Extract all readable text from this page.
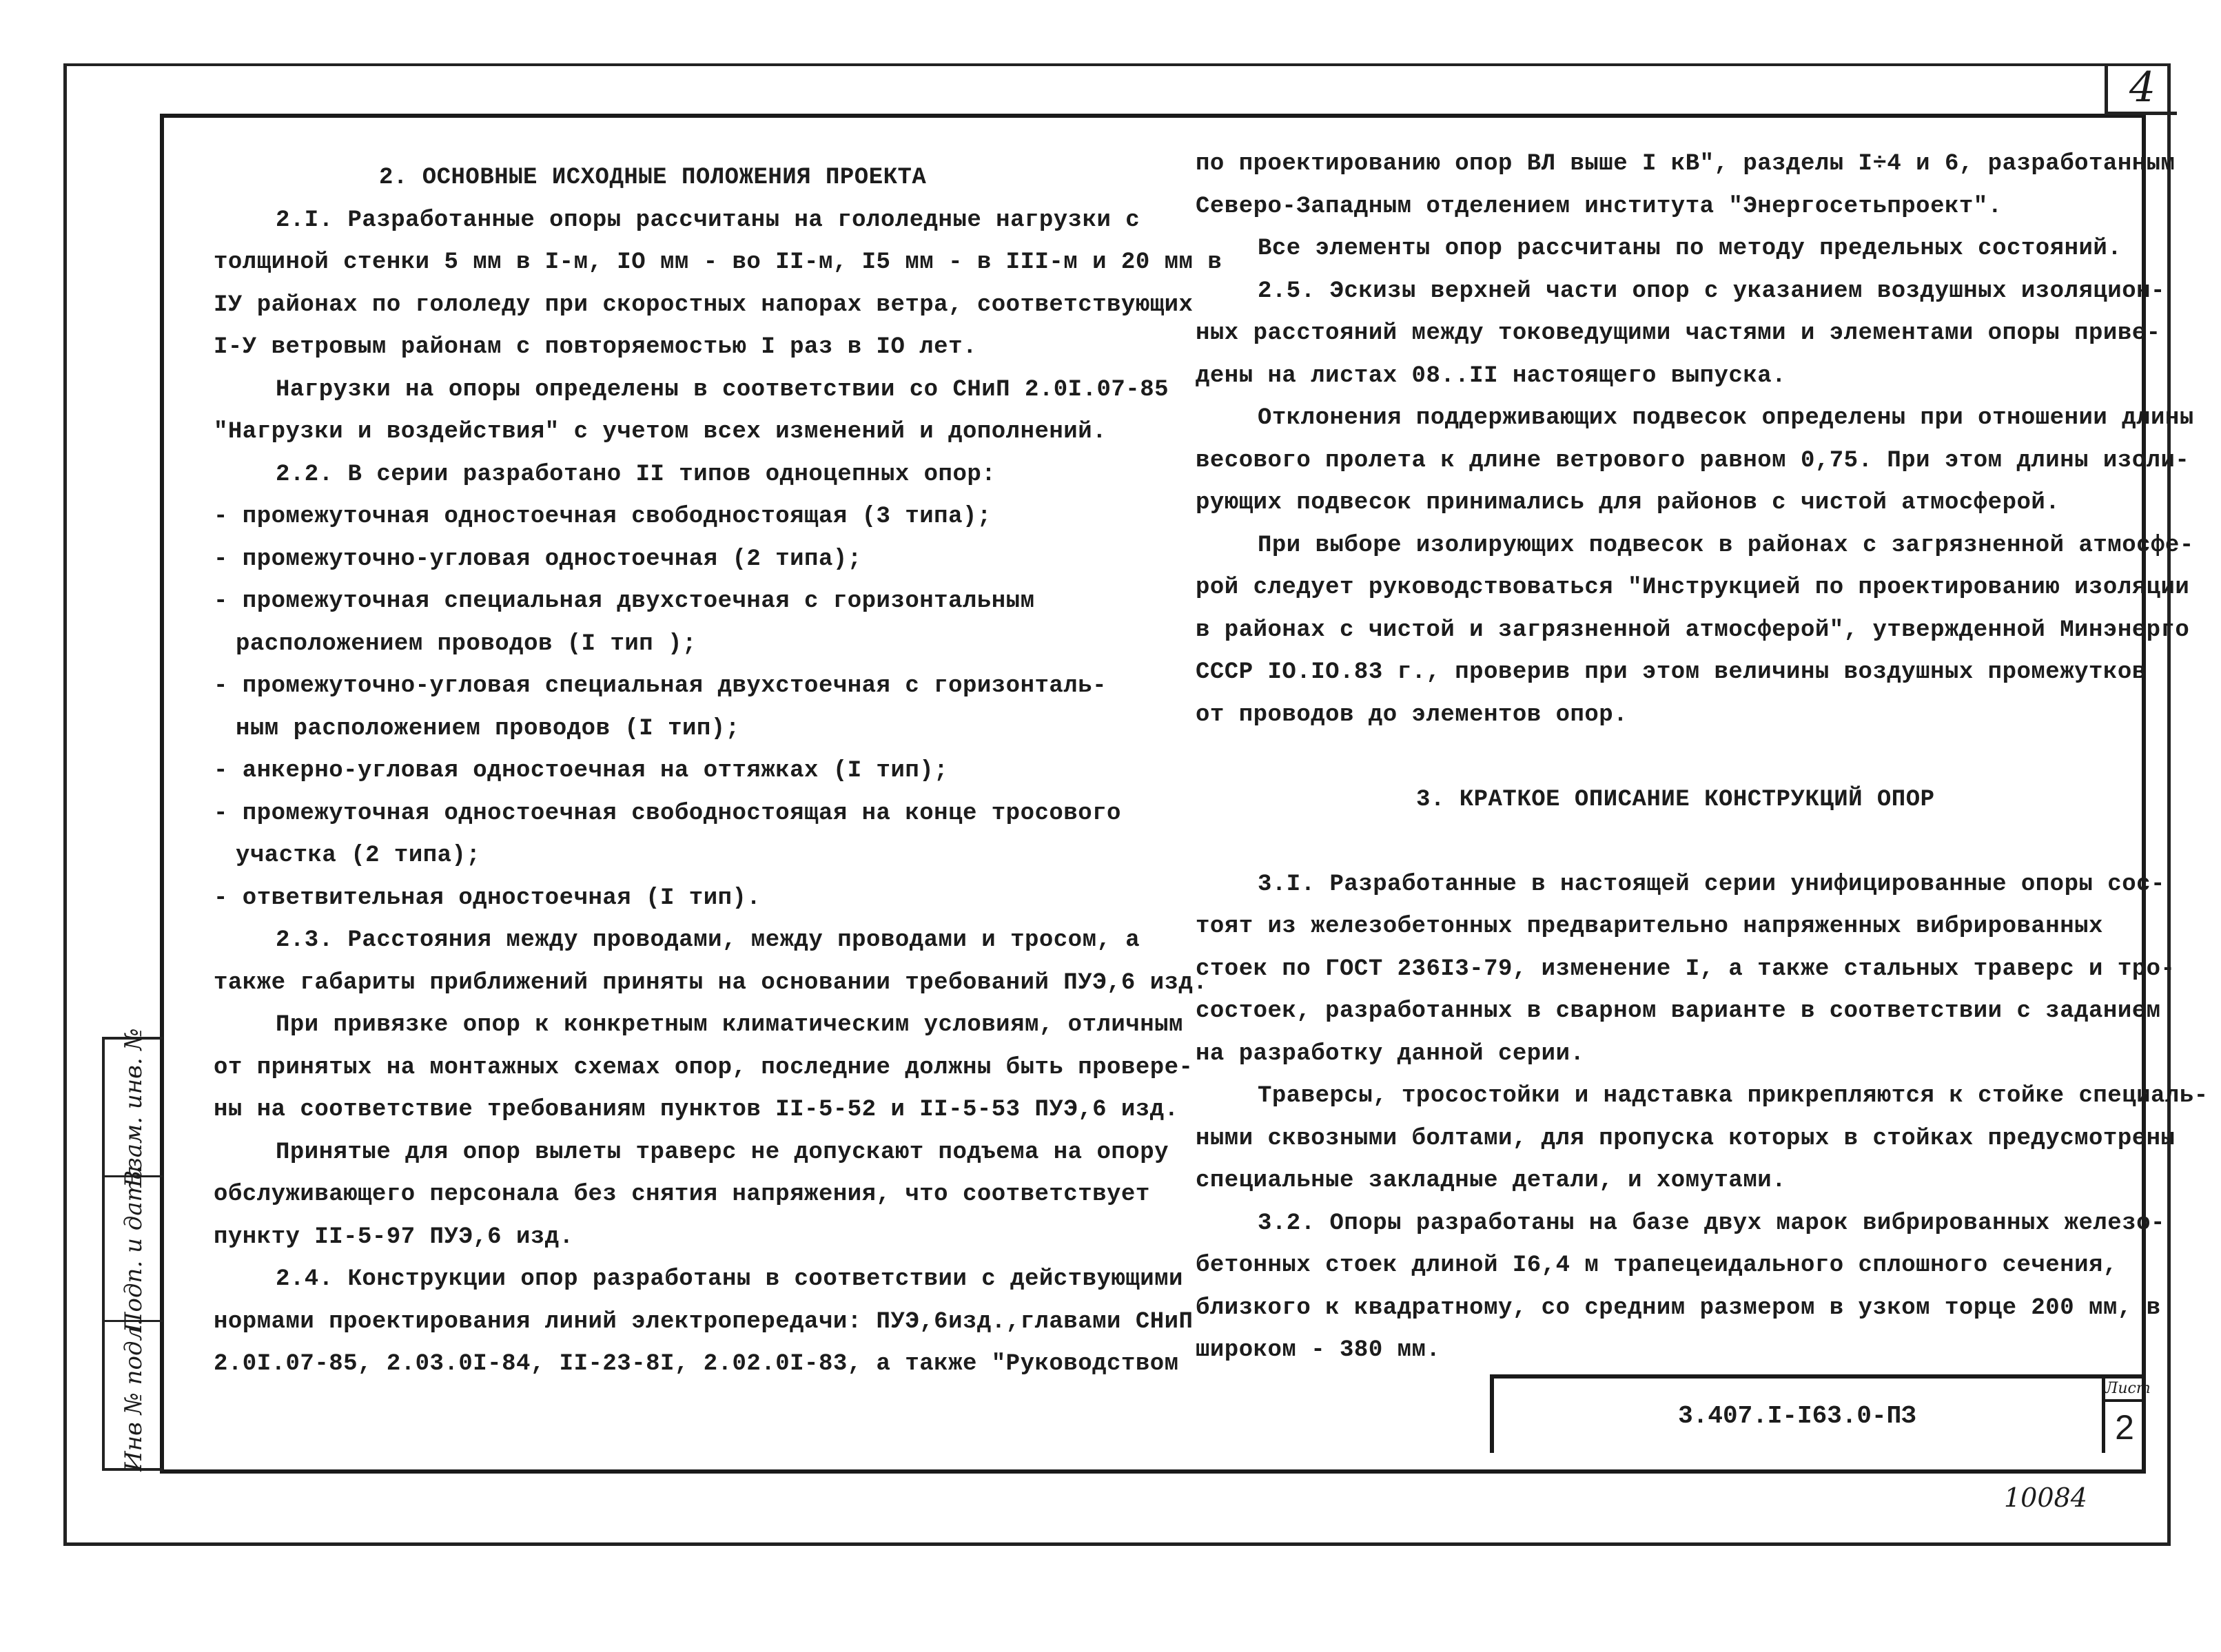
4
Взам. инв. №
Подп. и дата
Инв № подл.
2. ОСНОВНЫЕ ИСХОДНЫЕ ПОЛОЖЕНИЯ ПРОЕКТА
2.I. Разработанные опоры рассчитаны на гололедные нагрузки с
толщиной стенки 5 мм в I-м, IО мм - во II-м, I5 мм - в III-м и 20 мм в
IУ районах по гололеду при скоростных напорах ветра, соответствующих
I-У ветровым районам с повторяемостью I раз в IО лет.
Нагрузки на опоры определены в соответствии со СНиП 2.0I.07-85
"Нагрузки и воздействия" с учетом всех изменений и дополнений.
2.2. В серии разработано II типов одноцепных опор:
- промежуточная одностоечная свободностоящая (3 типа);
- промежуточно-угловая одностоечная (2 типа);
- промежуточная специальная двухстоечная с горизонтальным
расположением проводов (I тип );
- промежуточно-угловая специальная двухстоечная с горизонталь-
ным расположением проводов (I тип);
- анкерно-угловая одностоечная на оттяжках (I тип);
- промежуточная одностоечная свободностоящая на конце тросового
участка (2 типа);
- ответвительная одностоечная (I тип).
2.3. Расстояния между проводами, между проводами и тросом, а
также габариты приближений приняты на основании требований ПУЭ,6 изд.
При привязке опор к конкретным климатическим условиям, отличным
от принятых на монтажных схемах опор, последние должны быть провере-
ны на соответствие требованиям пунктов II-5-52 и II-5-53 ПУЭ,6 изд.
Принятые для опор вылеты траверс не допускают подъема на опору
обслуживающего персонала без снятия напряжения, что соответствует
пункту II-5-97 ПУЭ,6 изд.
2.4. Конструкции опор разработаны в соответствии с действующими
нормами проектирования линий электропередачи: ПУЭ,6изд.,главами СНиП
2.0I.07-85, 2.03.0I-84, II-23-8I, 2.02.0I-83, а также "Руководством
по проектированию опор ВЛ выше I кВ", разделы I÷4 и 6, разработанным
Северо-Западным отделением института "Энергосетьпроект".
Все элементы опор рассчитаны по методу предельных состояний.
2.5. Эскизы верхней части опор с указанием воздушных изоляцион-
ных расстояний между токоведущими частями и элементами опоры приве-
дены на листах 08..II настоящего выпуска.
Отклонения поддерживающих подвесок определены при отношении длины
весового пролета к длине ветрового равном 0,75. При этом длины изоли-
рующих подвесок принимались для районов с чистой атмосферой.
При выборе изолирующих подвесок в районах с загрязненной атмосфе-
рой следует руководствоваться "Инструкцией по проектированию изоляции
в районах с чистой и загрязненной атмосферой", утвержденной Минэнерго
СССР IО.IО.83 г., проверив при этом величины воздушных промежутков
от проводов до элементов опор.
3. КРАТКОЕ ОПИСАНИЕ КОНСТРУКЦИЙ ОПОР
3.I. Разработанные в настоящей серии унифицированные опоры сос-
тоят из железобетонных предварительно напряженных вибрированных
стоек по ГОСТ 236I3-79, изменение I, а также стальных траверс и тро-
состоек, разработанных в сварном варианте в соответствии с заданием
на разработку данной серии.
Траверсы, тросостойки и надставка прикрепляются к стойке специаль-
ными сквозными болтами, для пропуска которых в стойках предусмотрены
специальные закладные детали, и хомутами.
3.2. Опоры разработаны на базе двух марок вибрированных железо-
бетонных стоек длиной I6,4 м трапецеидального сплошного сечения,
близкого к квадратному, со средним размером в узком торце 200 мм, в
широком - 380 мм.
3.407.I-I63.0-ПЗ
Лист
2
10084
